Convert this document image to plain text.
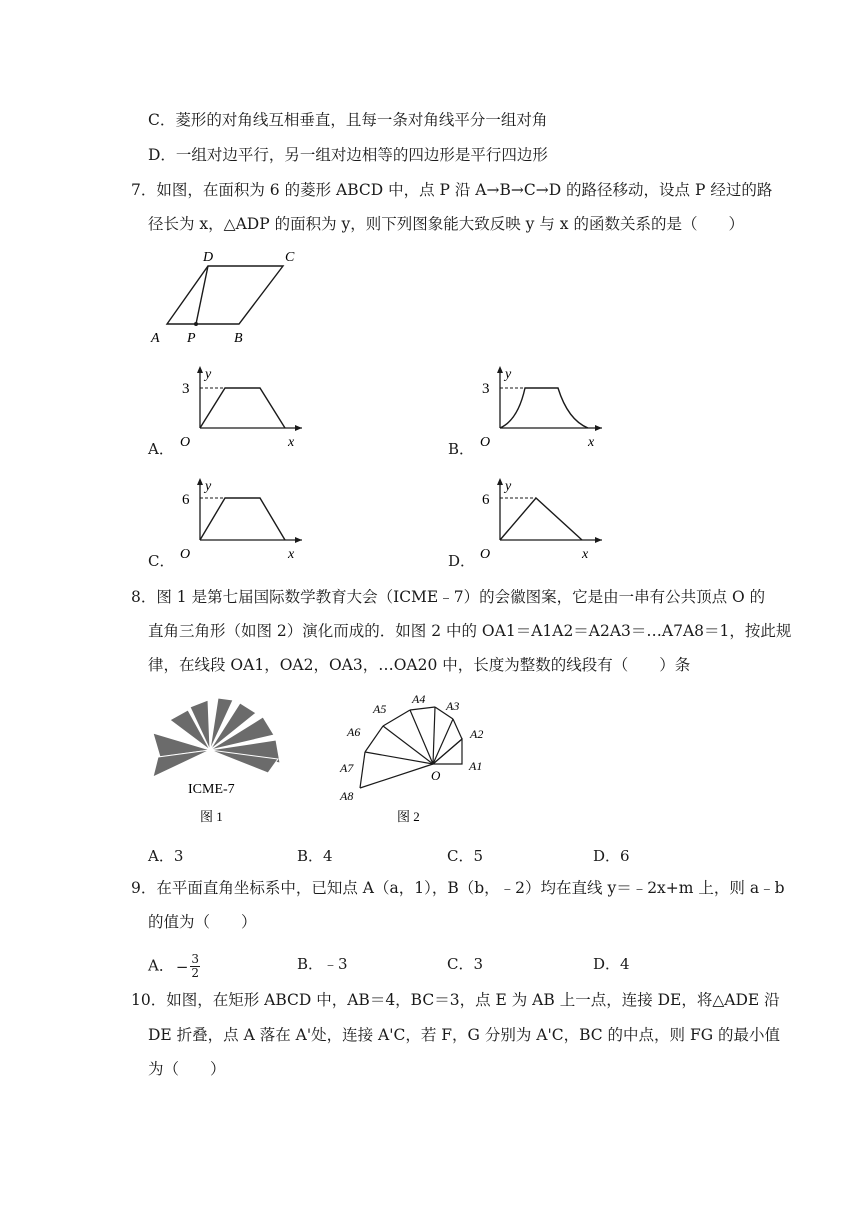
C．菱形的对角线互相垂直，且每一条对角线平分一组对角
D．一组对边平行，另一组对边相等的四边形是平行四边形
7．如图，在面积为 6 的菱形 ABCD 中，点 P 沿 A→B→C→D 的路径移动，设点 P 经过的路
径长为 x，△ADP 的面积为 y，则下列图象能大致反映 y 与 x 的函数关系的是（　　）
D	C
A P	B
A．
3
y
O	x	B．
3
y
O	x
C．
6
y
O	x	D．
6
y
O	x
8．图 1 是第七届国际数学教育大会（ICME﹣7）的会徽图案，它是由一串有公共顶点 O 的
直角三角形（如图 2）演化而成的．如图 2 中的 OA1＝A1A2＝A2A3＝…A7A8＝1，按此规
律，在线段 OA1，OA2，OA3，…OA20 中，长度为整数的线段有（　　）条
ICME-7
图 1
A1
A2
A3
A4
A5
A6
A7
A8
O
图 2
A．3	B．4	C．5	D．6
9．在平面直角坐标系中，已知点 A（a，1），B（b，﹣2）均在直线 y＝﹣2x+m 上，则 a﹣b
的值为（　　）
A． − $\frac{3}{2}$	B．﹣3	C．3	D．4
10．如图，在矩形 ABCD 中，AB＝4，BC＝3，点 E 为 AB 上一点，连接 DE，将△ADE 沿
DE 折叠，点 A 落在 A'处，连接 A'C，若 F，G 分别为 A'C，BC 的中点，则 FG 的最小值
为（　　）
